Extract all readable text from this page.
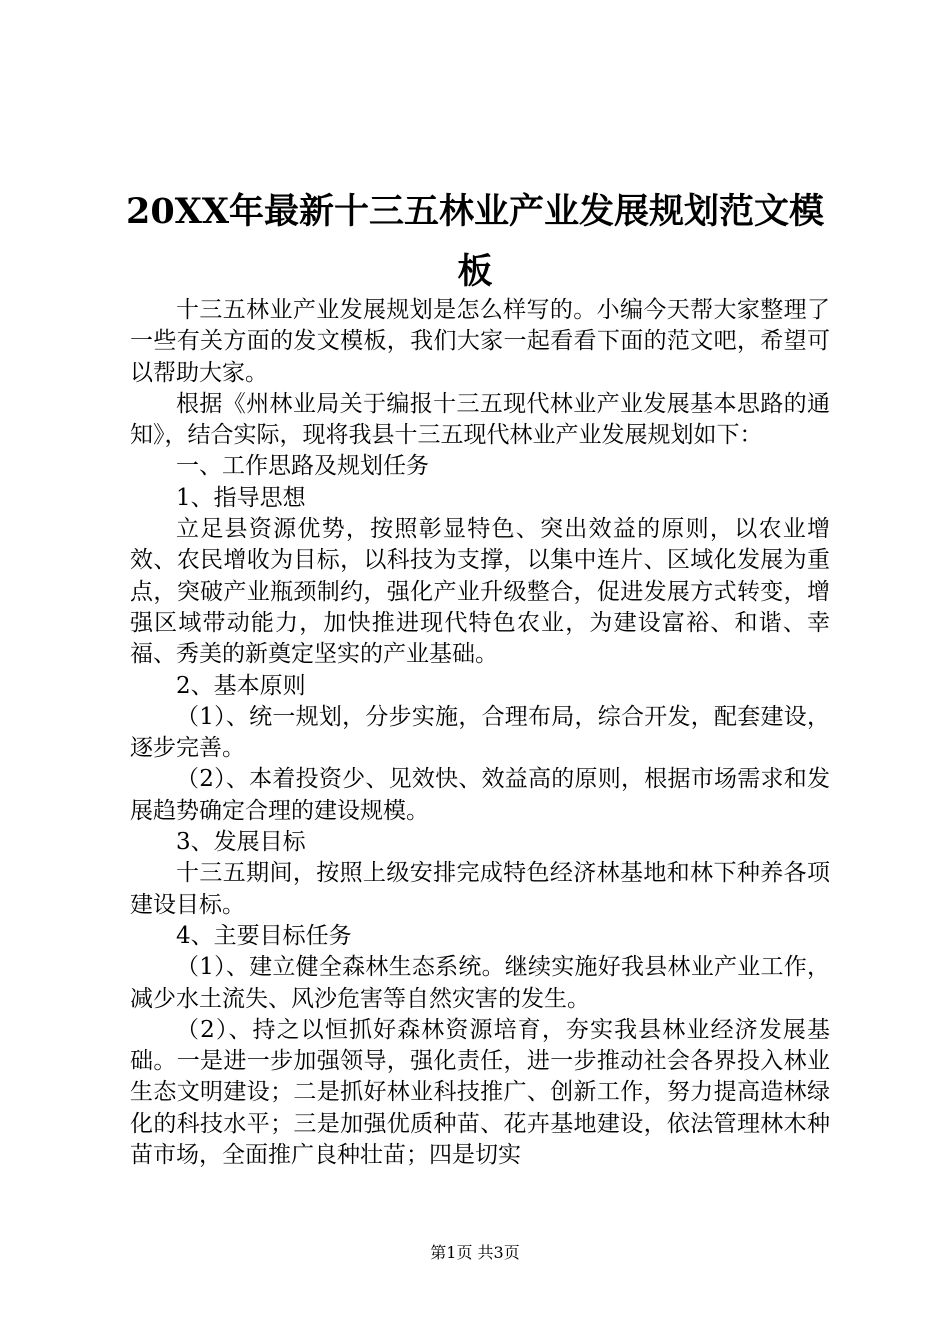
20XX年最新十三五林业产业发展规划范文模板

十三五林业产业发展规划是怎么样写的。小编今天帮大家整理了一些有关方面的发文模板，我们大家一起看看下面的范文吧，希望可以帮助大家。

根据《州林业局关于编报十三五现代林业产业发展基本思路的通知》，结合实际，现将我县十三五现代林业产业发展规划如下：

一、工作思路及规划任务

1、指导思想

立足县资源优势，按照彰显特色、突出效益的原则，以农业增效、农民增收为目标，以科技为支撑，以集中连片、区域化发展为重点，突破产业瓶颈制约，强化产业升级整合，促进发展方式转变，增强区域带动能力，加快推进现代特色农业，为建设富裕、和谐、幸福、秀美的新奠定坚实的产业基础。

2、基本原则

（1）、统一规划，分步实施，合理布局，综合开发，配套建设，逐步完善。

（2）、本着投资少、见效快、效益高的原则，根据市场需求和发展趋势确定合理的建设规模。

3、发展目标

十三五期间，按照上级安排完成特色经济林基地和林下种养各项建设目标。

4、主要目标任务

（1）、建立健全森林生态系统。继续实施好我县林业产业工作，减少水土流失、风沙危害等自然灾害的发生。

（2）、持之以恒抓好森林资源培育，夯实我县林业经济发展基础。一是进一步加强领导，强化责任，进一步推动社会各界投入林业生态文明建设；二是抓好林业科技推广、创新工作，努力提高造林绿化的科技水平；三是加强优质种苗、花卉基地建设，依法管理林木种苗市场，全面推广良种壮苗；四是切实

第1页 共3页
